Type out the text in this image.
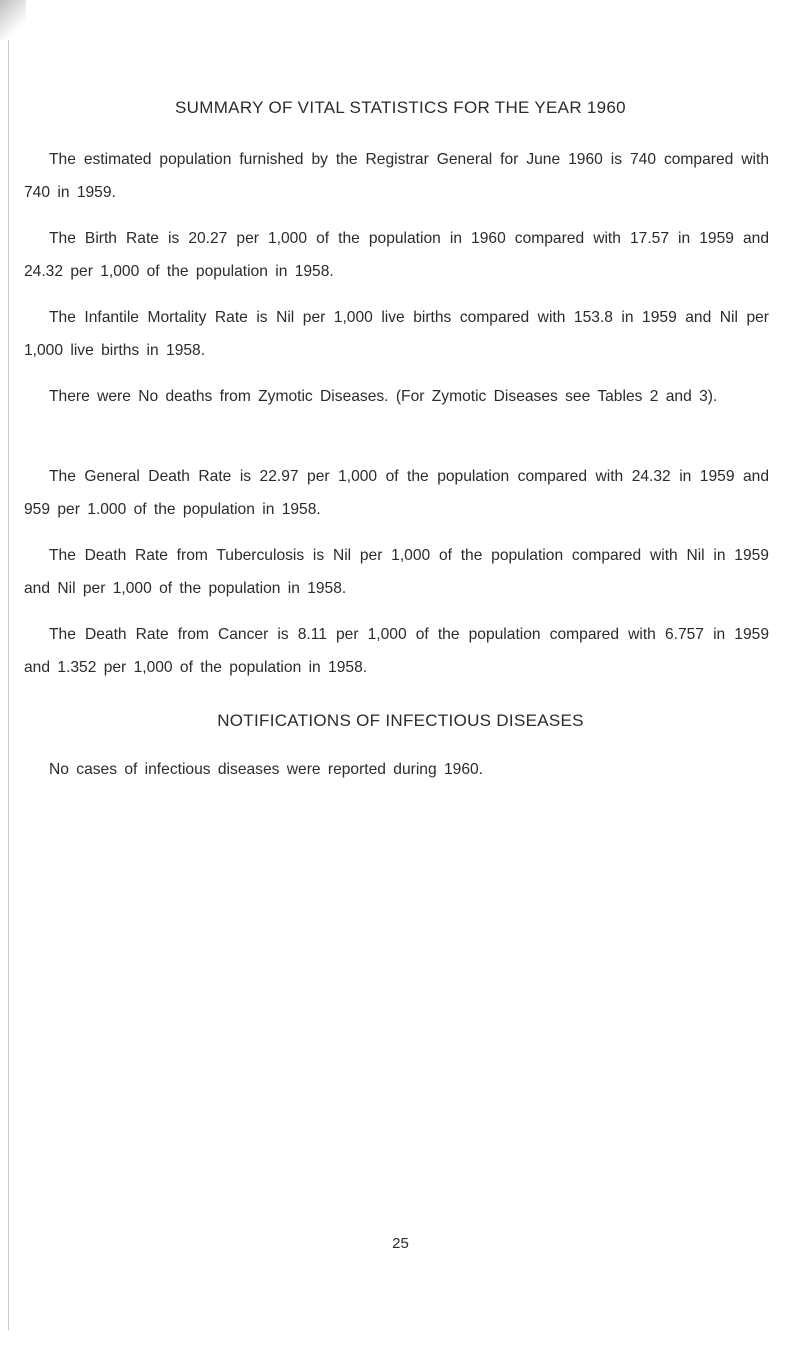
SUMMARY OF VITAL STATISTICS FOR THE YEAR 1960

The estimated population furnished by the Registrar General for June 1960 is 740 compared with 740 in 1959.

The Birth Rate is 20.27 per 1,000 of the population in 1960 compared with 17.57 in 1959 and 24.32 per 1,000 of the population in 1958.

The Infantile Mortality Rate is Nil per 1,000 live births compared with 153.8 in 1959 and Nil per 1,000 live births in 1958.

There were No deaths from Zymotic Diseases. (For Zymotic Diseases see Tables 2 and 3).

The General Death Rate is 22.97 per 1,000 of the population compared with 24.32 in 1959 and 959 per 1.000 of the population in 1958.

The Death Rate from Tuberculosis is Nil per 1,000 of the population compared with Nil in 1959 and Nil per 1,000 of the population in 1958.

The Death Rate from Cancer is 8.11 per 1,000 of the population compared with 6.757 in 1959 and 1.352 per 1,000 of the population in 1958.

NOTIFICATIONS OF INFECTIOUS DISEASES

No cases of infectious diseases were reported during 1960.

25
